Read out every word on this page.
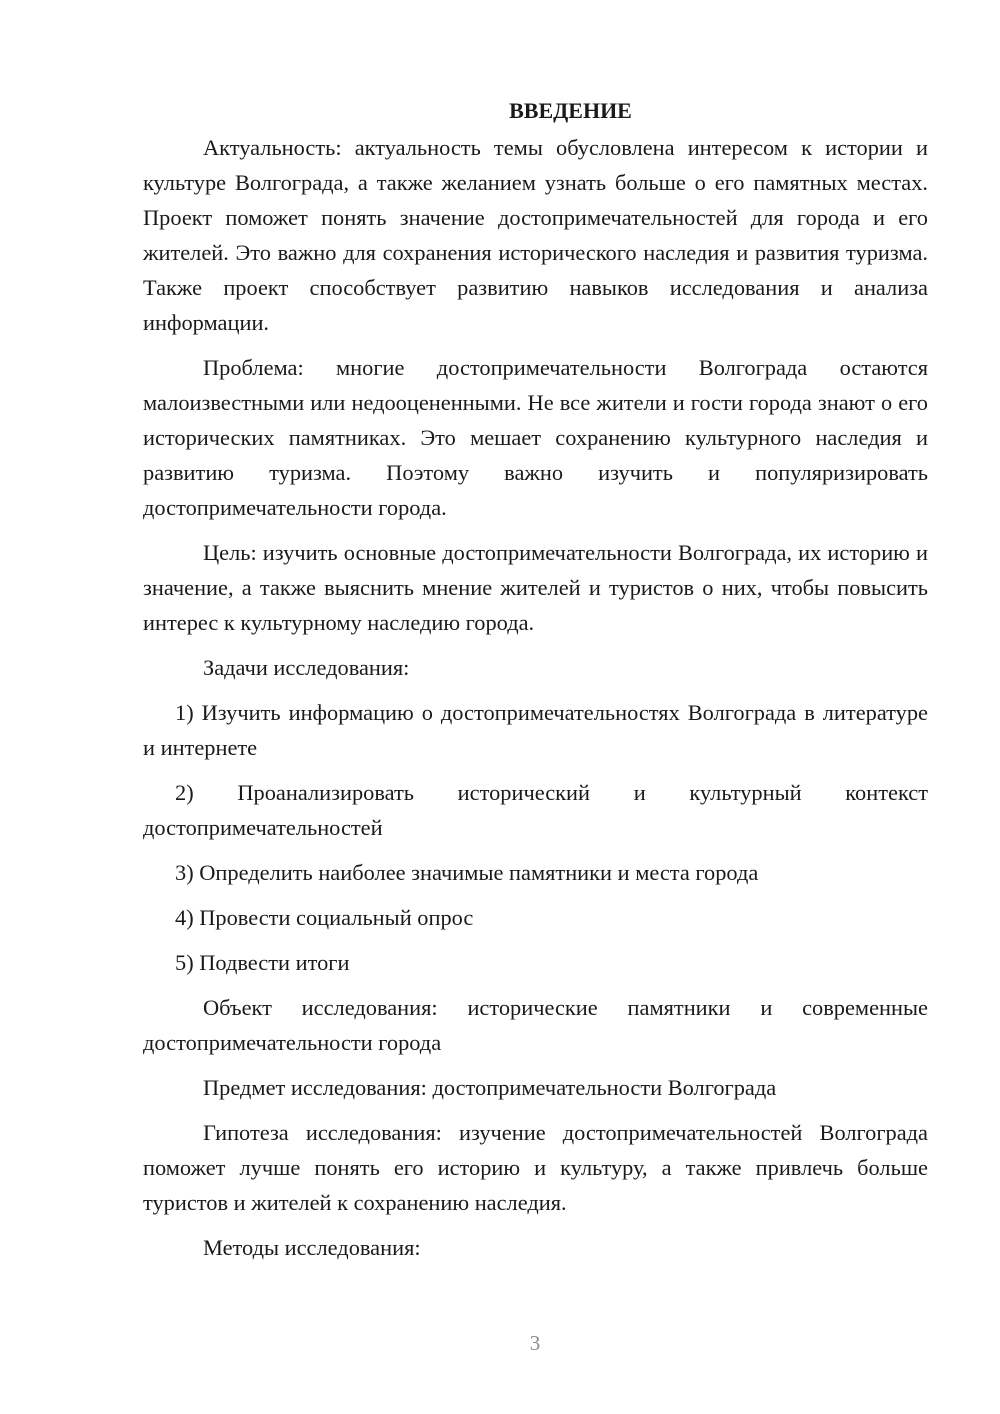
ВВЕДЕНИЕ

Актуальность: актуальность темы обусловлена интересом к истории и культуре Волгограда, а также желанием узнать больше о его памятных местах. Проект поможет понять значение достопримечательностей для города и его жителей. Это важно для сохранения исторического наследия и развития туризма. Также проект способствует развитию навыков исследования и анализа информации.

Проблема: многие достопримечательности Волгограда остаются малоизвестными или недооцененными. Не все жители и гости города знают о его исторических памятниках. Это мешает сохранению культурного наследия и развитию туризма. Поэтому важно изучить и популяризировать достопримечательности города.

Цель: изучить основные достопримечательности Волгограда, их историю и значение, а также выяснить мнение жителей и туристов о них, чтобы повысить интерес к культурному наследию города.

Задачи исследования:

1) Изучить информацию о достопримечательностях Волгограда в литературе и интернете

2) Проанализировать исторический и культурный контекст достопримечательностей

3) Определить наиболее значимые памятники и места города

4) Провести социальный опрос

5) Подвести итоги

Объект исследования: исторические памятники и современные достопримечательности города

Предмет исследования: достопримечательности Волгограда

Гипотеза исследования: изучение достопримечательностей Волгограда поможет лучше понять его историю и культуру, а также привлечь больше туристов и жителей к сохранению наследия.

Методы исследования:

3
